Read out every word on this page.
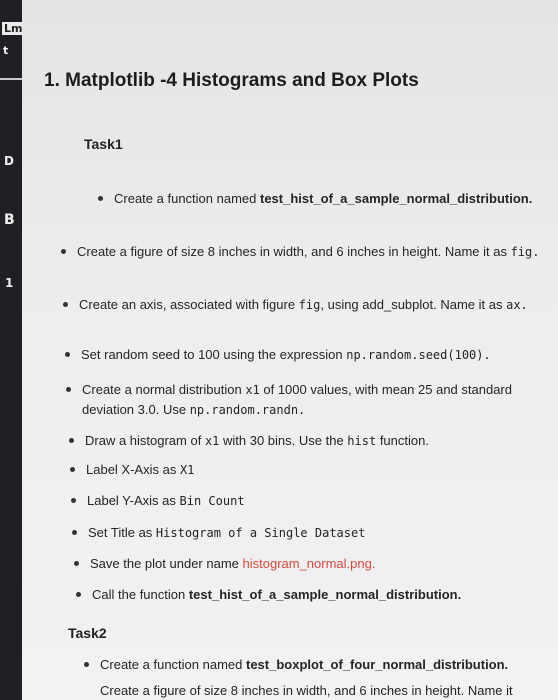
Lm
t
D
B
1
1. Matplotlib -4 Histograms and Box Plots
Task1
Create a function named test_hist_of_a_sample_normal_distribution.
Create a figure of size 8 inches in width, and 6 inches in height. Name it as fig.
Create an axis, associated with figure fig, using add_subplot. Name it as ax.
Set random seed to 100 using the expression np.random.seed(100).
Create a normal distribution x1 of 1000 values, with mean 25 and standard deviation 3.0. Use np.random.randn.
Draw a histogram of x1 with 30 bins. Use the hist function.
Label X-Axis as X1
Label Y-Axis as Bin Count
Set Title as Histogram of a Single Dataset
Save the plot under name histogram_normal.png.
Call the function test_hist_of_a_sample_normal_distribution.
Task2
Create a function named test_boxplot_of_four_normal_distribution.
Create a figure of size 8 inches in width, and 6 inches in height. Name it
